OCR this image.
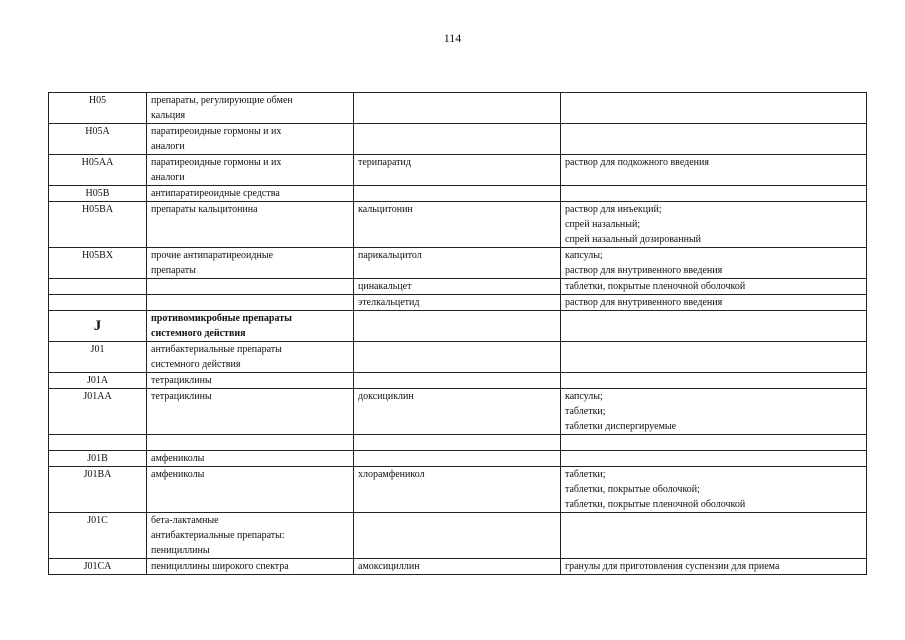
114
H05	препараты, регулирующие обмен
кальция		

H05A	паратиреоидные гормоны и их
аналоги		

H05AA	паратиреоидные гормоны и их
аналоги	терипаратид	раствор для подкожного введения

H05B	антипаратиреоидные средства		

H05BA	препараты кальцитонина	кальцитонин	раствор для инъекций;
спрей назальный;
спрей назальный дозированный

H05BX	прочие антипаратиреоидные
препараты	парикальцитол	капсулы;
раствор для внутривенного введения

		цинакальцет	таблетки, покрытые пленочной оболочкой

		этелкальцетид	раствор для внутривенного введения

J	противомикробные препараты
системного действия		

J01	антибактериальные препараты
системного действия		

J01A	тетрациклины		

J01AA	тетрациклины	доксициклин	капсулы;
таблетки;
таблетки диспергируемые

J01B	амфениколы		

J01BA	амфениколы	хлорамфеникол	таблетки;
таблетки, покрытые оболочкой;
таблетки, покрытые пленочной оболочкой

J01C	бета-лактамные
антибактериальные препараты:
пенициллины		

J01CA	пенициллины широкого спектра	амоксициллин	гранулы для приготовления суспензии для приема
